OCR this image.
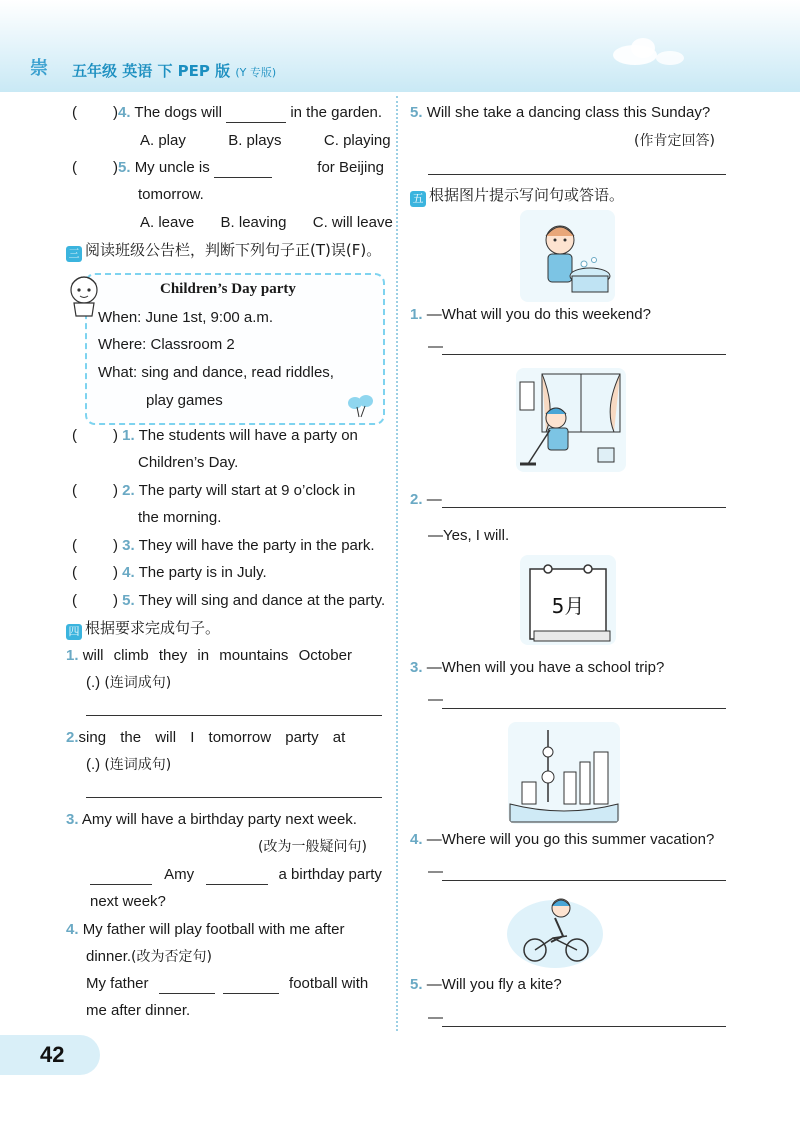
崇 五年级 英语 下 PEP 版 (Y 专版)
( )4. The dogs will	in the garden.
A. play	B. plays	C. playing
( )5. My uncle is	for Beijing
tomorrow.
A. leave B. leaving C. will leave
三 阅读班级公告栏，判断下列句子正(T)误(F)。
Children’s Day party
When: June 1st, 9:00 a.m.
Where: Classroom 2
What: sing and dance, read riddles,
play games
( ) 1. The students will have a party on
Children’s Day.
( ) 2. The party will start at 9 o’clock in
the morning.
( ) 3. They will have the party in the park.
( ) 4. The party is in July.
( ) 5. They will sing and dance at the party.
四 根据要求完成句子。
1. will climb they in mountains October
(.) (连词成句)
2.sing the will I tomorrow party at
(.) (连词成句)
3. Amy will have a birthday party next week.
(改为一般疑问句)
Amy	a birthday party
next week?
4. My father will play football with me after
dinner.(改为否定句)
My father	football with
me after dinner.
42
5. Will she take a dancing class this Sunday?
(作肯定回答)
五 根据图片提示写问句或答语。
1. —What will you do this weekend?
—
2. —
—Yes, I will.
5月
3. —When will you have a school trip?
—
4. —Where will you go this summer vacation?
—
5. —Will you fly a kite?
—
